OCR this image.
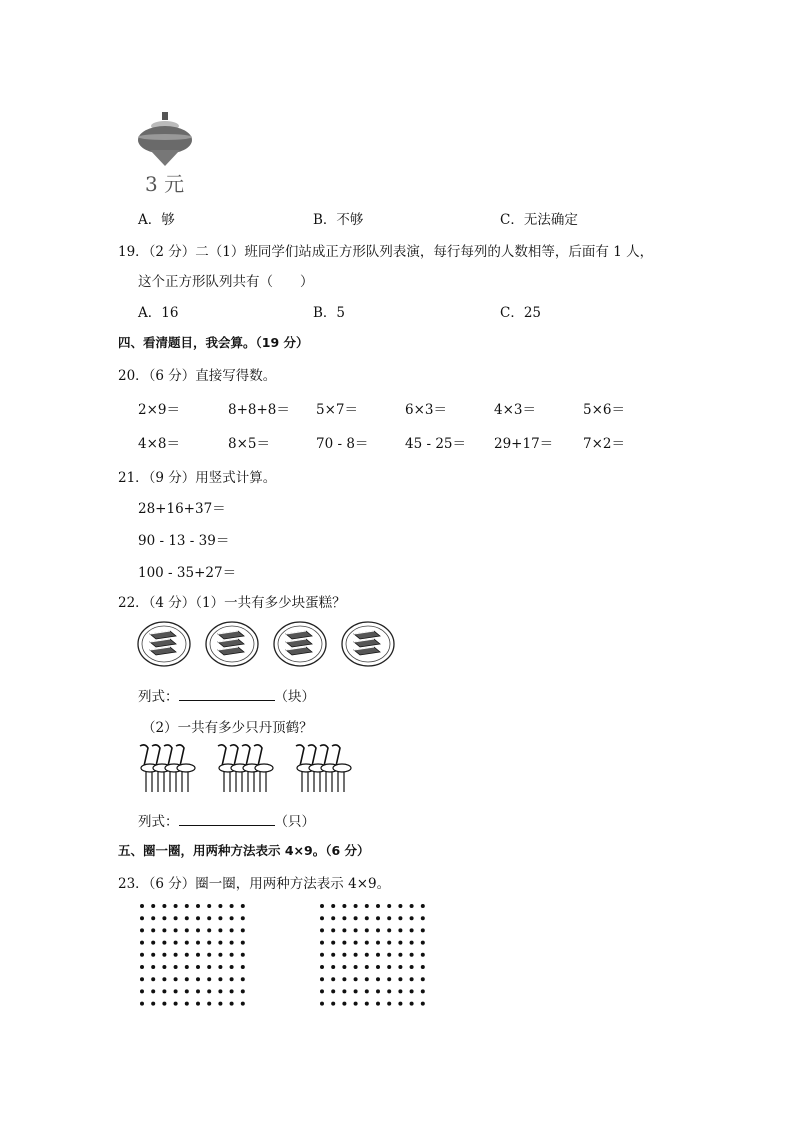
3 元
A．够	B．不够	C．无法确定
19．（2 分）二（1）班同学们站成正方形队列表演，每行每列的人数相等，后面有 1 人，
这个正方形队列共有（　　）
A．16	B．5	C．25
四、看清题目，我会算。（19 分）
20．（6 分）直接写得数。
2×9＝	8+8+8＝ 5×7＝	6×3＝	4×3＝	5×6＝
4×8＝	8×5＝	70 - 8＝	45 - 25＝ 29+17＝ 7×2＝
21．（9 分）用竖式计算。
28+16+37＝
90 - 13 - 39＝
100 - 35+27＝
22．（4 分）（1）一共有多少块蛋糕？
列式：	（块）
（2）一共有多少只丹顶鹤？
列式：	（只）
五、圈一圈，用两种方法表示 4×9。（6 分）
23．（6 分）圈一圈，用两种方法表示 4×9。
